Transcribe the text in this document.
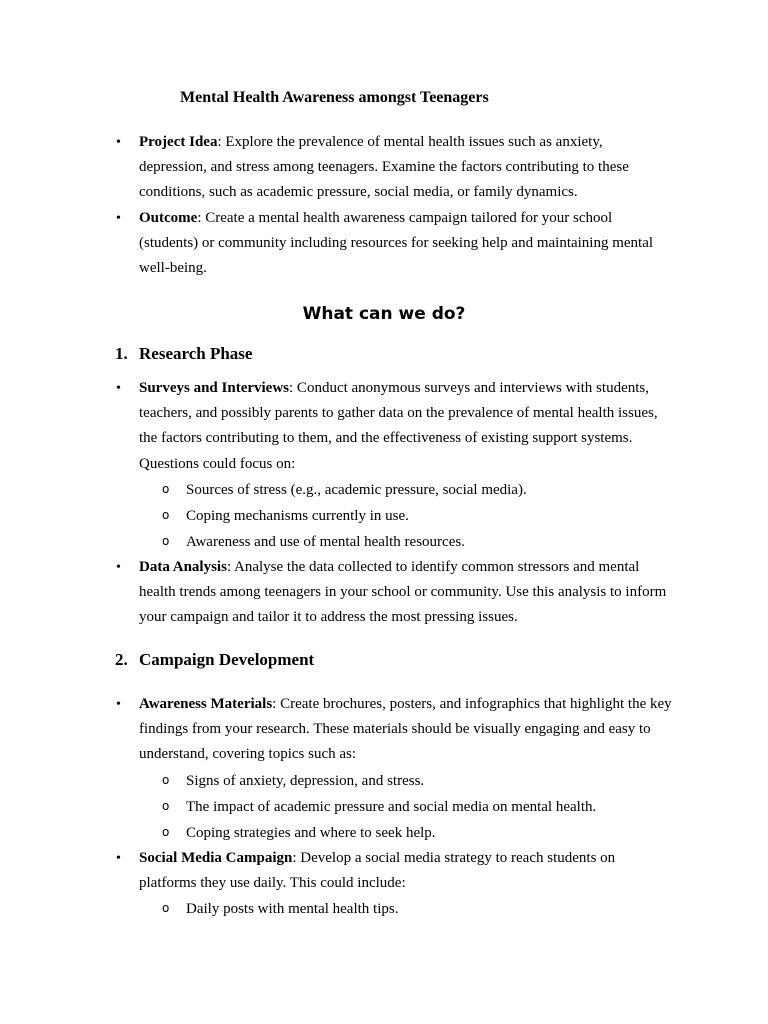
Mental Health Awareness amongst Teenagers
• Project Idea: Explore the prevalence of mental health issues such as anxiety, depression, and stress among teenagers. Examine the factors contributing to these conditions, such as academic pressure, social media, or family dynamics.
• Outcome: Create a mental health awareness campaign tailored for your school (students) or community including resources for seeking help and maintaining mental well-being.
What can we do?
1. Research Phase
• Surveys and Interviews: Conduct anonymous surveys and interviews with students, teachers, and possibly parents to gather data on the prevalence of mental health issues, the factors contributing to them, and the effectiveness of existing support systems. Questions could focus on:
o Sources of stress (e.g., academic pressure, social media).
o Coping mechanisms currently in use.
o Awareness and use of mental health resources.
• Data Analysis: Analyse the data collected to identify common stressors and mental health trends among teenagers in your school or community. Use this analysis to inform your campaign and tailor it to address the most pressing issues.
2. Campaign Development
• Awareness Materials: Create brochures, posters, and infographics that highlight the key findings from your research. These materials should be visually engaging and easy to understand, covering topics such as:
o Signs of anxiety, depression, and stress.
o The impact of academic pressure and social media on mental health.
o Coping strategies and where to seek help.
• Social Media Campaign: Develop a social media strategy to reach students on platforms they use daily. This could include:
o Daily posts with mental health tips.
